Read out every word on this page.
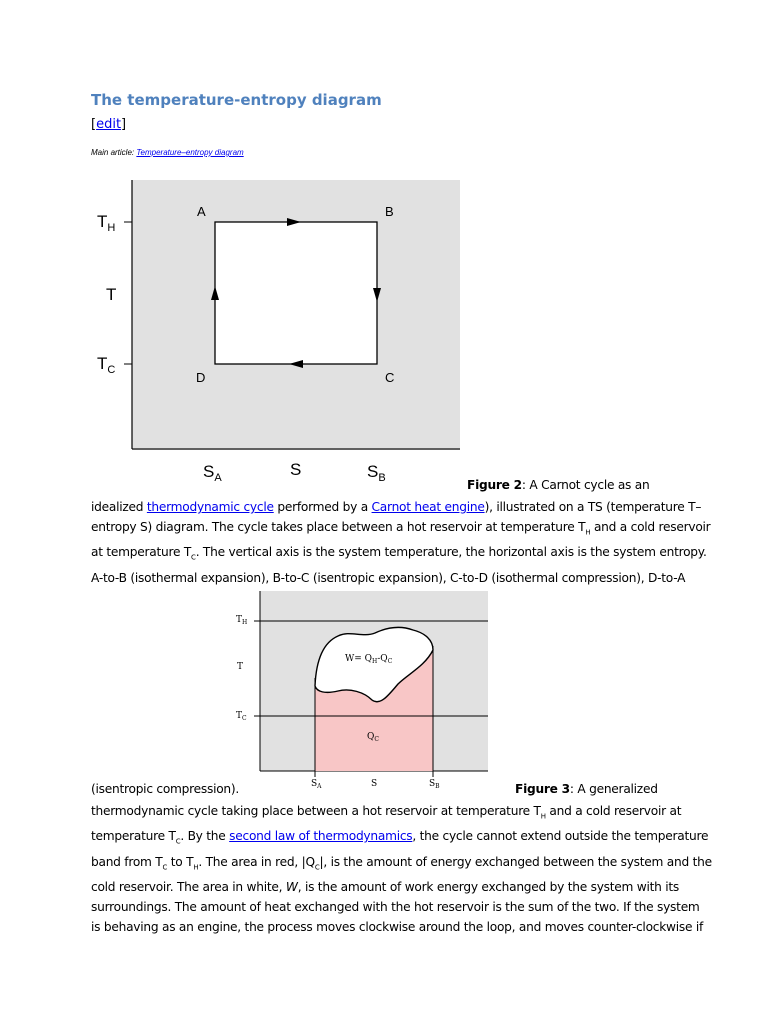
The temperature-entropy diagram
[edit]
Main article: Temperature–entropy diagram
A	B
C
D
$T_H$
T
$T_C$
$S_A$	S	$S_B$	Figure 2: A Carnot cycle as an
idealized thermodynamic cycle performed by a Carnot heat engine), illustrated on a TS (temperature T–
entropy S) diagram. The cycle takes place between a hot reservoir at temperature $T_H$ and a cold reservoir
at temperature $T_C$. The vertical axis is the system temperature, the horizontal axis is the system entropy.
A-to-B (isothermal expansion), B-to-C (isentropic expansion), C-to-D (isothermal compression), D-to-A
$W= Q_H-Q_C$
$Q_C$
$T_H$
T
$T_C$
$S_A$	S	$S_B$
(isentropic compression).	Figure 3: A generalized
thermodynamic cycle taking place between a hot reservoir at temperature $T_H$ and a cold reservoir at
temperature $T_C$. By the second law of thermodynamics, the cycle cannot extend outside the temperature
band from $T_C$ to $T_H$. The area in red, $|Q_C|$, is the amount of energy exchanged between the system and the
cold reservoir. The area in white, W, is the amount of work energy exchanged by the system with its
surroundings. The amount of heat exchanged with the hot reservoir is the sum of the two. If the system
is behaving as an engine, the process moves clockwise around the loop, and moves counter-clockwise if
